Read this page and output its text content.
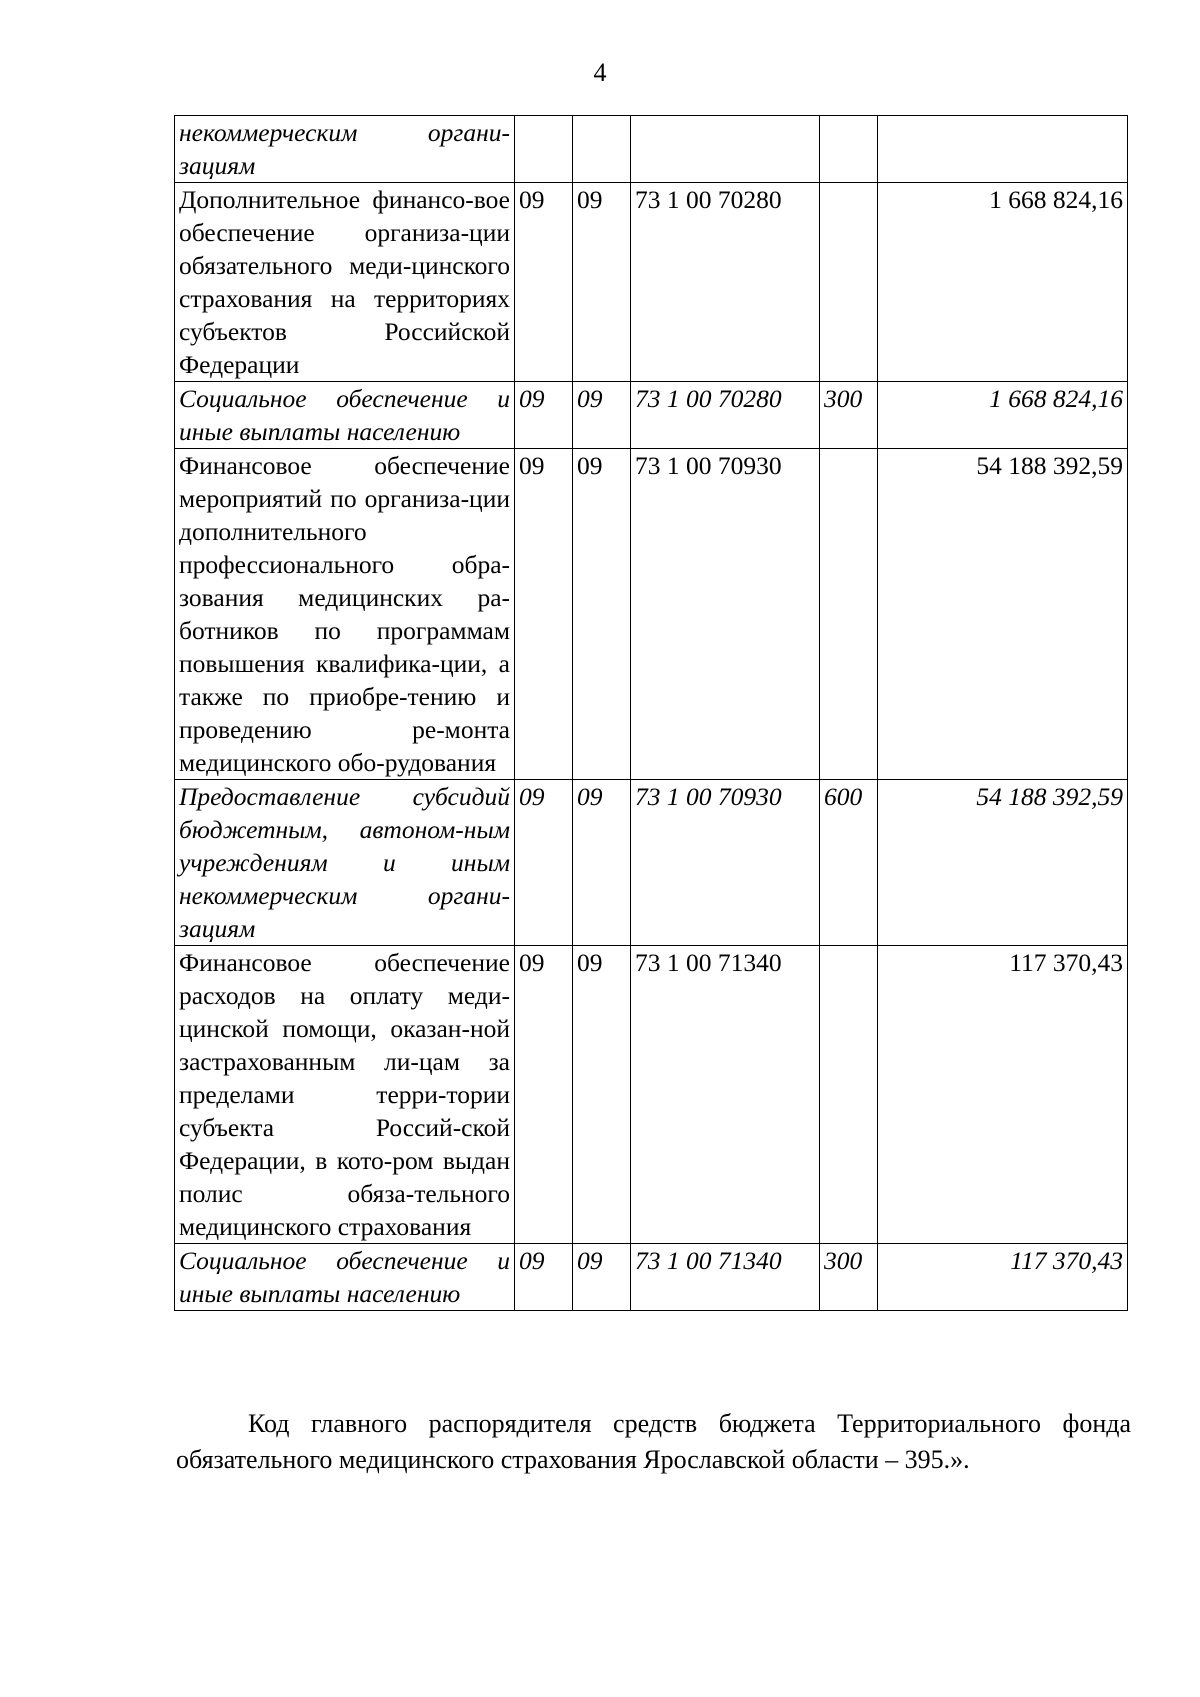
4
некоммерческим органи- зациям					
Дополнительное финансо-вое обеспечение организа-ции обязательного меди-цинского страхования на территориях субъектов Российской Федерации	09	09	73 1 00 70280		1 668 824,16
Социальное обеспечение и иные выплаты населению	09	09	73 1 00 70280	300	1 668 824,16
Финансовое обеспечение мероприятий по организа-ции дополнительного профессионального обра-зования медицинских ра-ботников по программам повышения квалифика-ции, а также по приобре-тению и проведению ре-монта медицинского обо-рудования	09	09	73 1 00 70930		54 188 392,59
Предоставление субсидий бюджетным, автоном-ным учреждениям и иным некоммерческим органи-зациям	09	09	73 1 00 70930	600	54 188 392,59
Финансовое обеспечение расходов на оплату меди-цинской помощи, оказан-ной застрахованным ли-цам за пределами терри-тории субъекта Россий-ской Федерации, в кото-ром выдан полис обяза-тельного медицинского страхования	09	09	73 1 00 71340		117 370,43
Социальное обеспечение и иные выплаты населению	09	09	73 1 00 71340	300	117 370,43
Код главного распорядителя средств бюджета Территориального фонда обязательного медицинского страхования Ярославской области – 395.».
